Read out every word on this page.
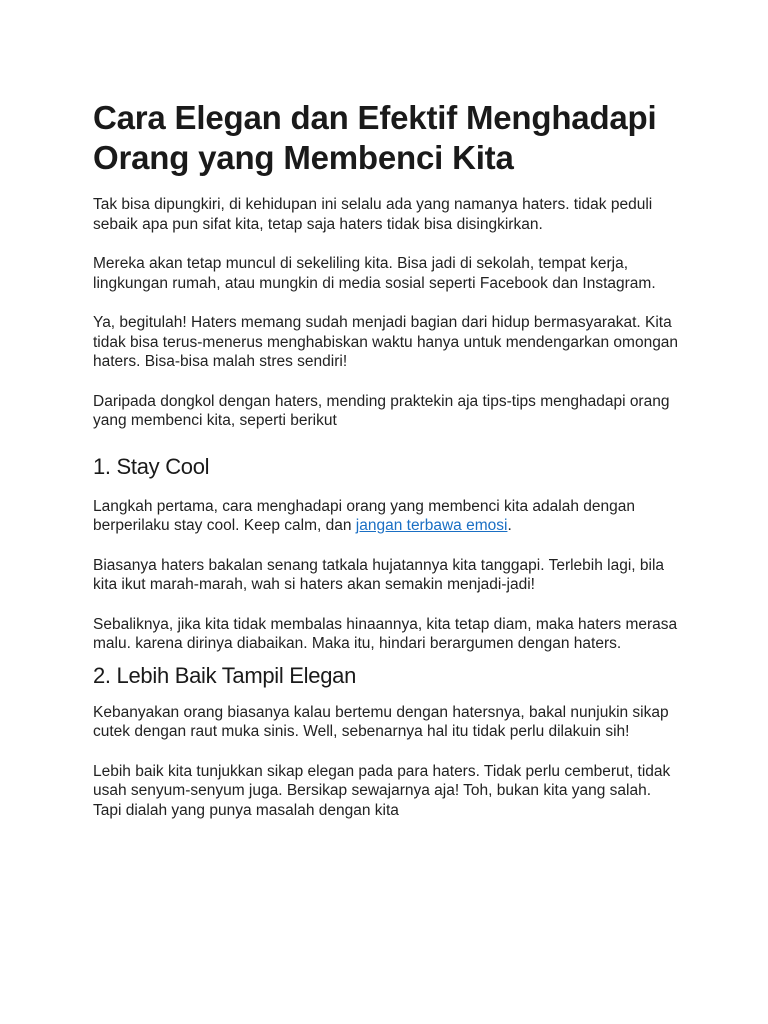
Cara Elegan dan Efektif Menghadapi Orang yang Membenci Kita

Tak bisa dipungkiri, di kehidupan ini selalu ada yang namanya haters. tidak peduli sebaik apa pun sifat kita, tetap saja haters tidak bisa disingkirkan.

Mereka akan tetap muncul di sekeliling kita. Bisa jadi di sekolah, tempat kerja, lingkungan rumah, atau mungkin di media sosial seperti Facebook dan Instagram.

Ya, begitulah! Haters memang sudah menjadi bagian dari hidup bermasyarakat. Kita tidak bisa terus-menerus menghabiskan waktu hanya untuk mendengarkan omongan haters. Bisa-bisa malah stres sendiri!

Daripada dongkol dengan haters, mending praktekin aja tips-tips menghadapi orang yang membenci kita, seperti berikut

1. Stay Cool

Langkah pertama, cara menghadapi orang yang membenci kita adalah dengan berperilaku stay cool. Keep calm, dan jangan terbawa emosi.

Biasanya haters bakalan senang tatkala hujatannya kita tanggapi. Terlebih lagi, bila kita ikut marah-marah, wah si haters akan semakin menjadi-jadi!

Sebaliknya, jika kita tidak membalas hinaannya, kita tetap diam, maka haters merasa malu. karena dirinya diabaikan. Maka itu, hindari berargumen dengan haters.

2. Lebih Baik Tampil Elegan

Kebanyakan orang biasanya kalau bertemu dengan hatersnya, bakal nunjukin sikap cutek dengan raut muka sinis. Well, sebenarnya hal itu tidak perlu dilakuin sih!

Lebih baik kita tunjukkan sikap elegan pada para haters. Tidak perlu cemberut, tidak usah senyum-senyum juga. Bersikap sewajarnya aja! Toh, bukan kita yang salah. Tapi dialah yang punya masalah dengan kita
